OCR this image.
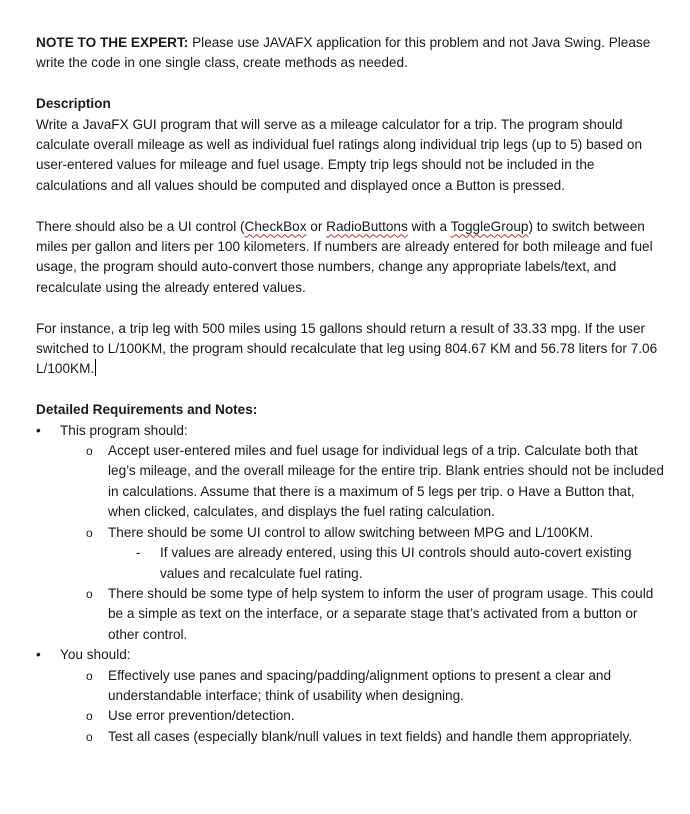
NOTE TO THE EXPERT: Please use JAVAFX application for this problem and not Java Swing. Please write the code in one single class, create methods as needed.

Description

Write a JavaFX GUI program that will serve as a mileage calculator for a trip. The program should calculate overall mileage as well as individual fuel ratings along individual trip legs (up to 5) based on user-entered values for mileage and fuel usage. Empty trip legs should not be included in the calculations and all values should be computed and displayed once a Button is pressed.

There should also be a UI control (CheckBox or RadioButtons with a ToggleGroup) to switch between miles per gallon and liters per 100 kilometers. If numbers are already entered for both mileage and fuel usage, the program should auto-convert those numbers, change any appropriate labels/text, and recalculate using the already entered values.

For instance, a trip leg with 500 miles using 15 gallons should return a result of 33.33 mpg. If the user switched to L/100KM, the program should recalculate that leg using 804.67 KM and 56.78 liters for 7.06 L/100KM.

Detailed Requirements and Notes:

•	This program should:
o Accept user-entered miles and fuel usage for individual legs of a trip. Calculate both that leg’s mileage, and the overall mileage for the entire trip. Blank entries should not be included in calculations. Assume that there is a maximum of 5 legs per trip. o Have a Button that, when clicked, calculates, and displays the fuel rating calculation.
o There should be some UI control to allow switching between MPG and L/100KM.
- If values are already entered, using this UI controls should auto-covert existing values and recalculate fuel rating.
o There should be some type of help system to inform the user of program usage. This could be a simple as text on the interface, or a separate stage that’s activated from a button or other control.
•	You should:
o Effectively use panes and spacing/padding/alignment options to present a clear and understandable interface; think of usability when designing.
o Use error prevention/detection.
o Test all cases (especially blank/null values in text fields) and handle them appropriately.
